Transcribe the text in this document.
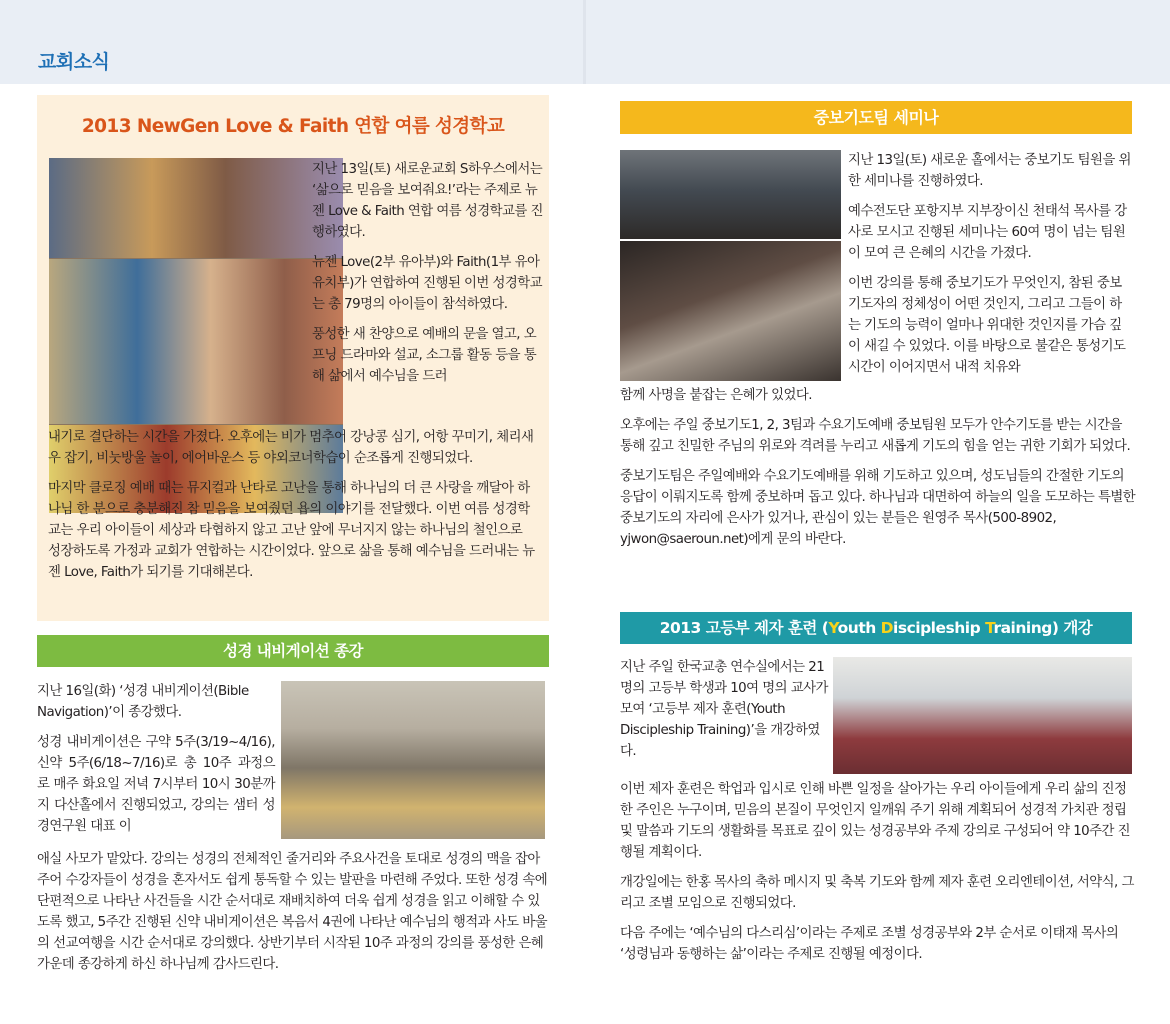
교회소식
2013 NewGen Love & Faith 연합 여름 성경학교

지난 13일(토) 새로운교회 S하우스에서는 ‘삶으로 믿음을 보여줘요!’라는 주제로 뉴젠 Love & Faith 연합 여름 성경학교를 진행하였다.

뉴젠 Love(2부 유아부)와 Faith(1부 유아유치부)가 연합하여 진행된 이번 성경학교는 총 79명의 아이들이 참석하였다.

풍성한 새 찬양으로 예배의 문을 열고, 오프닝 드라마와 설교, 소그룹 활동 등을 통해 삶에서 예수님을 드러

내기로 결단하는 시간을 가졌다. 오후에는 비가 멈추어 강낭콩 심기, 어항 꾸미기, 체리새우 잡기, 비눗방울 놀이, 에어바운스 등 야외코너학습이 순조롭게 진행되었다.

마지막 클로징 예배 때는 뮤지컬과 난타로 고난을 통해 하나님의 더 큰 사랑을 깨달아 하나님 한 분으로 충분해진 참 믿음을 보여줬던 욥의 이야기를 전달했다. 이번 여름 성경학교는 우리 아이들이 세상과 타협하지 않고 고난 앞에 무너지지 않는 하나님의 철인으로 성장하도록 가정과 교회가 연합하는 시간이었다. 앞으로 삶을 통해 예수님을 드러내는 뉴젠 Love, Faith가 되기를 기대해본다.

성경 내비게이션 종강

지난 16일(화) ‘성경 내비게이션(Bible Navigation)’이 종강했다.

성경 내비게이션은 구약 5주(3/19~4/16), 신약 5주(6/18~7/16)로 총 10주 과정으로 매주 화요일 저녁 7시부터 10시 30분까지 다산홀에서 진행되었고, 강의는 샘터 성경연구원 대표 이

애실 사모가 맡았다. 강의는 성경의 전체적인 줄거리와 주요사건을 토대로 성경의 맥을 잡아주어 수강자들이 성경을 혼자서도 쉽게 통독할 수 있는 발판을 마련해 주었다. 또한 성경 속에 단편적으로 나타난 사건들을 시간 순서대로 재배치하여 더욱 쉽게 성경을 읽고 이해할 수 있도록 했고, 5주간 진행된 신약 내비게이션은 복음서 4권에 나타난 예수님의 행적과 사도 바울의 선교여행을 시간 순서대로 강의했다. 상반기부터 시작된 10주 과정의 강의를 풍성한 은혜 가운데 종강하게 하신 하나님께 감사드린다.

중보기도팀 세미나

지난 13일(토) 새로운 홀에서는 중보기도 팀원을 위한 세미나를 진행하였다.

예수전도단 포항지부 지부장이신 천태석 목사를 강사로 모시고 진행된 세미나는 60여 명이 넘는 팀원이 모여 큰 은혜의 시간을 가졌다.

이번 강의를 통해 중보기도가 무엇인지, 참된 중보기도자의 정체성이 어떤 것인지, 그리고 그들이 하는 기도의 능력이 얼마나 위대한 것인지를 가슴 깊이 새길 수 있었다. 이를 바탕으로 불같은 통성기도 시간이 이어지면서 내적 치유와

함께 사명을 붙잡는 은혜가 있었다.

오후에는 주일 중보기도1, 2, 3팀과 수요기도예배 중보팀원 모두가 안수기도를 받는 시간을 통해 깊고 친밀한 주님의 위로와 격려를 누리고 새롭게 기도의 힘을 얻는 귀한 기회가 되었다.

중보기도팀은 주일예배와 수요기도예배를 위해 기도하고 있으며, 성도님들의 간절한 기도의 응답이 이뤄지도록 함께 중보하며 돕고 있다. 하나님과 대면하여 하늘의 일을 도모하는 특별한 중보기도의 자리에 은사가 있거나, 관심이 있는 분들은 원영주 목사(500-8902, yjwon@saeroun.net)에게 문의 바란다.

2013 고등부 제자 훈련 (Youth Discipleship Training) 개강

지난 주일 한국교총 연수실에서는 21명의 고등부 학생과 10여 명의 교사가 모여 ‘고등부 제자 훈련(Youth Discipleship Training)’을 개강하였다.

이번 제자 훈련은 학업과 입시로 인해 바쁜 일정을 살아가는 우리 아이들에게 우리 삶의 진정한 주인은 누구이며, 믿음의 본질이 무엇인지 일깨워 주기 위해 계획되어 성경적 가치관 정립 및 말씀과 기도의 생활화를 목표로 깊이 있는 성경공부와 주제 강의로 구성되어 약 10주간 진행될 계획이다.

개강일에는 한홍 목사의 축하 메시지 및 축복 기도와 함께 제자 훈련 오리엔테이션, 서약식, 그리고 조별 모임으로 진행되었다.

다음 주에는 ‘예수님의 다스리심’이라는 주제로 조별 성경공부와 2부 순서로 이태재 목사의 ‘성령님과 동행하는 삶’이라는 주제로 진행될 예정이다.
